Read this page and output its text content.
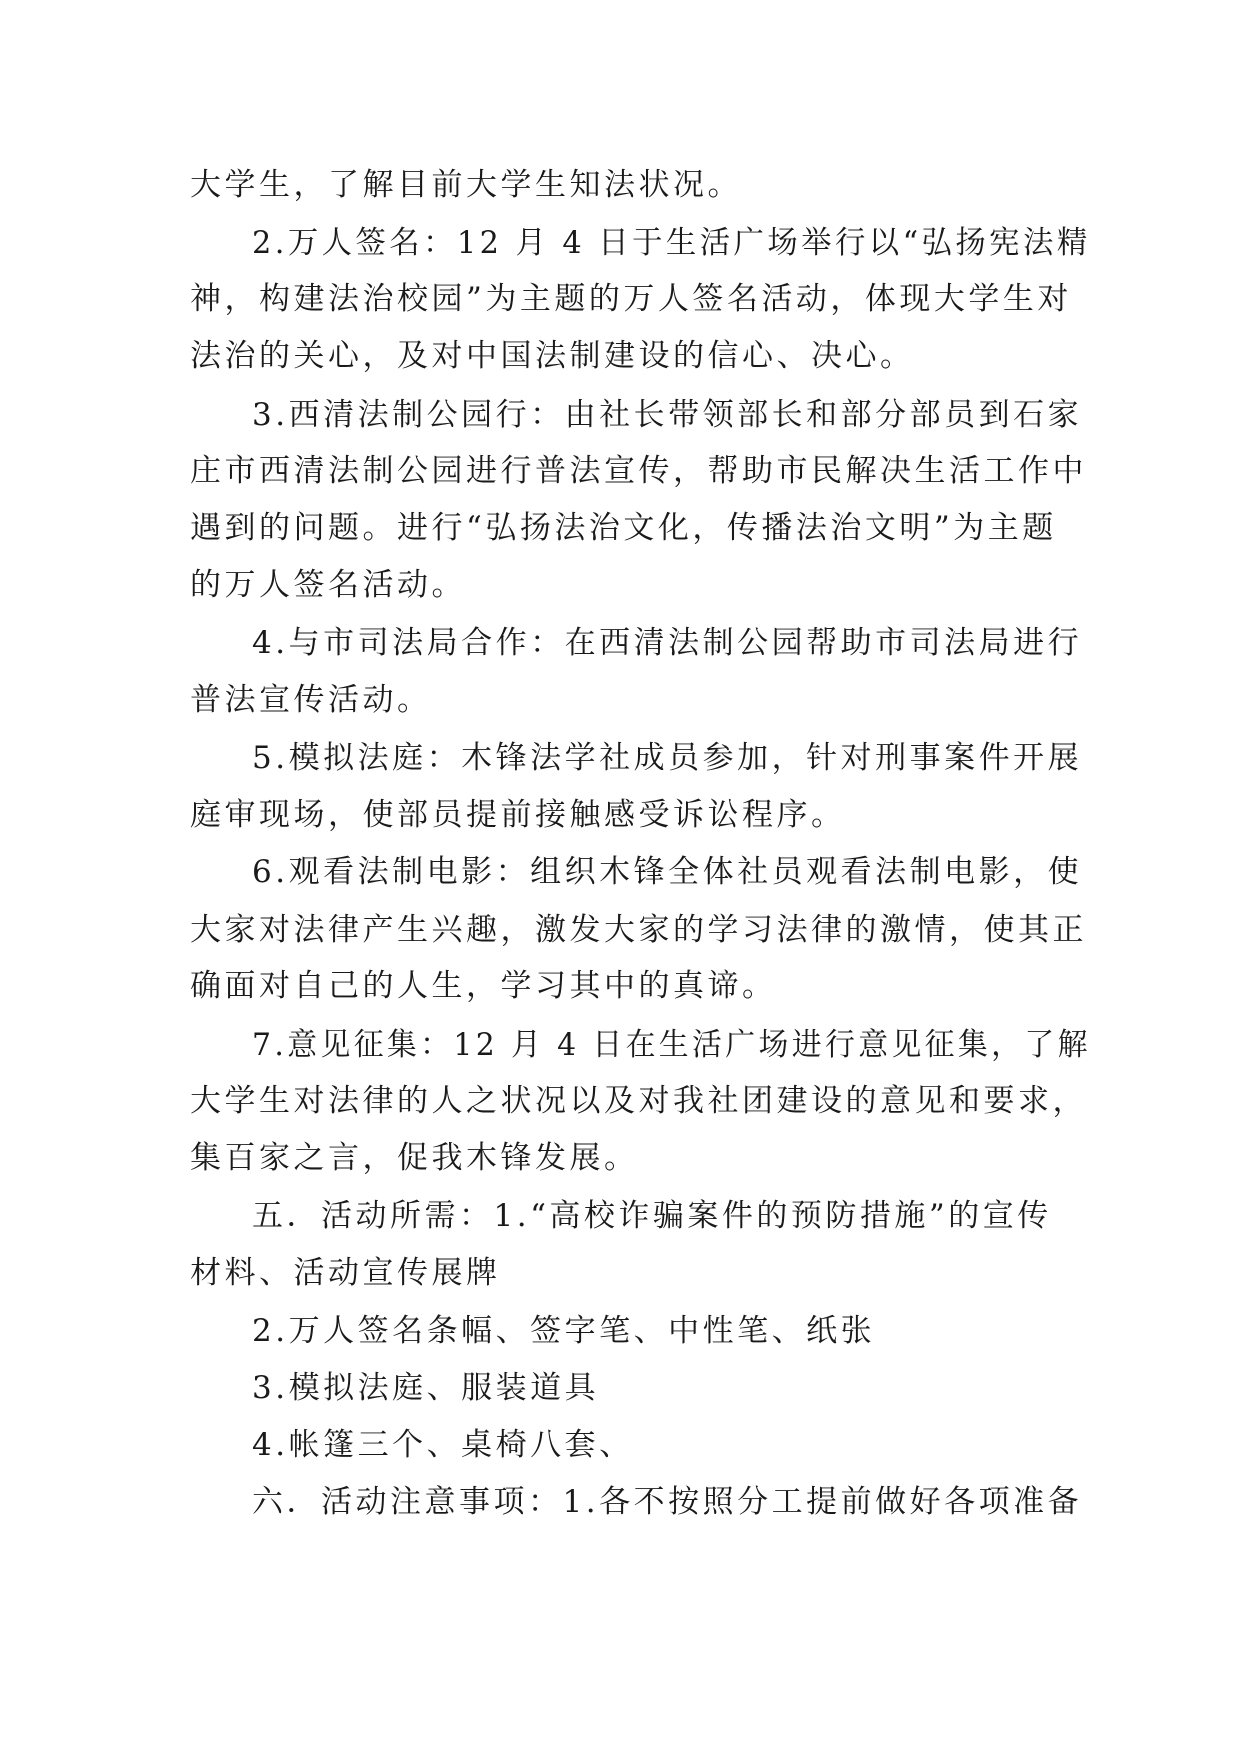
大学生，了解目前大学生知法状况。
2.万人签名：12 月 4 日于生活广场举行以“弘扬宪法精
神，构建法治校园”为主题的万人签名活动，体现大学生对
法治的关心，及对中国法制建设的信心、决心。
3.西清法制公园行：由社长带领部长和部分部员到石家
庄市西清法制公园进行普法宣传，帮助市民解决生活工作中
遇到的问题。进行“弘扬法治文化，传播法治文明”为主题
的万人签名活动。
4.与市司法局合作：在西清法制公园帮助市司法局进行
普法宣传活动。
5.模拟法庭：木锋法学社成员参加，针对刑事案件开展
庭审现场，使部员提前接触感受诉讼程序。
6.观看法制电影：组织木锋全体社员观看法制电影，使
大家对法律产生兴趣，激发大家的学习法律的激情，使其正
确面对自己的人生，学习其中的真谛。
7.意见征集：12 月 4 日在生活广场进行意见征集，了解
大学生对法律的人之状况以及对我社团建设的意见和要求，
集百家之言，促我木锋发展。
五．活动所需：1.“高校诈骗案件的预防措施”的宣传
材料、活动宣传展牌
2.万人签名条幅、签字笔、中性笔、纸张
3.模拟法庭、服装道具
4.帐篷三个、桌椅八套、
六．活动注意事项：1.各不按照分工提前做好各项准备
